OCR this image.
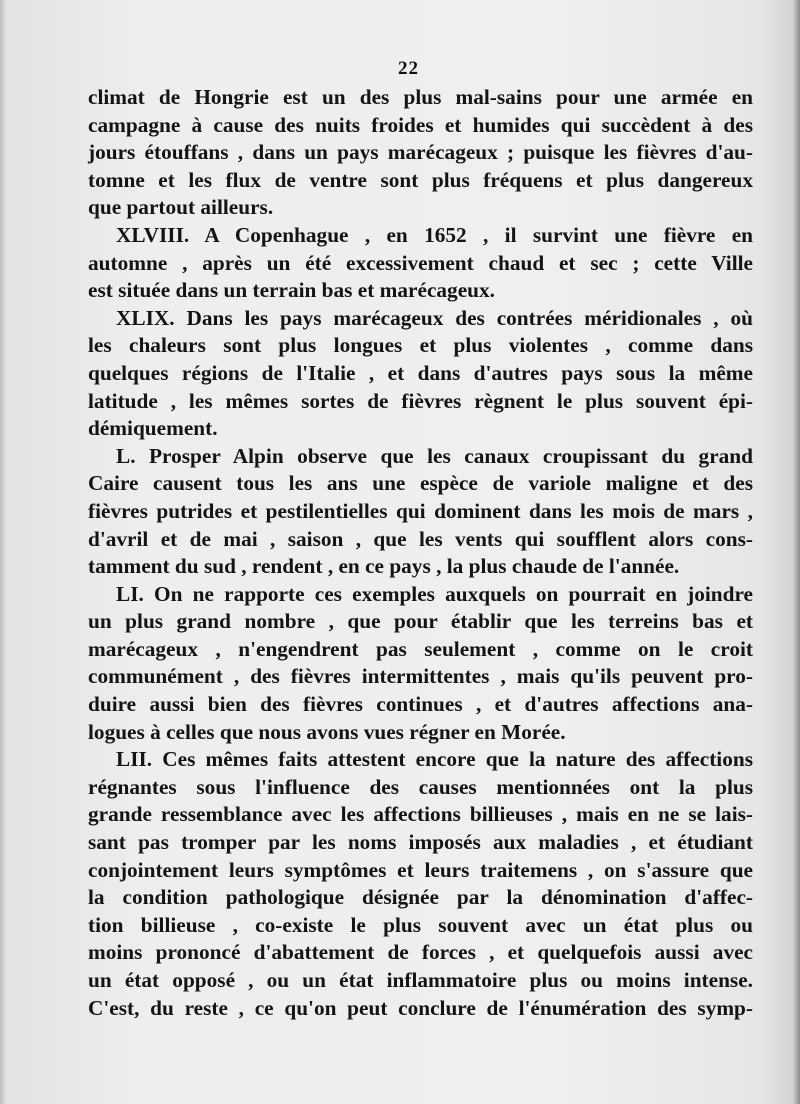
22
climat de Hongrie est un des plus mal-sains pour une armée en
campagne à cause des nuits froides et humides qui succèdent à des
jours étouffans , dans un pays marécageux ; puisque les fièvres d'au-
tomne et les flux de ventre sont plus fréquens et plus dangereux
que partout ailleurs.
XLVIII. A Copenhague , en 1652 , il survint une fièvre en
automne , après un été excessivement chaud et sec ; cette Ville
est située dans un terrain bas et marécageux.
XLIX. Dans les pays marécageux des contrées méridionales , où
les chaleurs sont plus longues et plus violentes , comme dans
quelques régions de l'Italie , et dans d'autres pays sous la même
latitude , les mêmes sortes de fièvres règnent le plus souvent épi-
démiquement.
L. Prosper Alpin observe que les canaux croupissant du grand
Caire causent tous les ans une espèce de variole maligne et des
fièvres putrides et pestilentielles qui dominent dans les mois de mars ,
d'avril et de mai , saison , que les vents qui soufflent alors cons-
tamment du sud , rendent , en ce pays , la plus chaude de l'année.
LI. On ne rapporte ces exemples auxquels on pourrait en joindre
un plus grand nombre , que pour établir que les terreins bas et
marécageux , n'engendrent pas seulement , comme on le croit
communément , des fièvres intermittentes , mais qu'ils peuvent pro-
duire aussi bien des fièvres continues , et d'autres affections ana-
logues à celles que nous avons vues régner en Morée.
LII. Ces mêmes faits attestent encore que la nature des affections
régnantes sous l'influence des causes mentionnées ont la plus
grande ressemblance avec les affections billieuses , mais en ne se lais-
sant pas tromper par les noms imposés aux maladies , et étudiant
conjointement leurs symptômes et leurs traitemens , on s'assure que
la condition pathologique désignée par la dénomination d'affec-
tion billieuse , co-existe le plus souvent avec un état plus ou
moins prononcé d'abattement de forces , et quelquefois aussi avec
un état opposé , ou un état inflammatoire plus ou moins intense.
C'est, du reste , ce qu'on peut conclure de l'énumération des symp-
